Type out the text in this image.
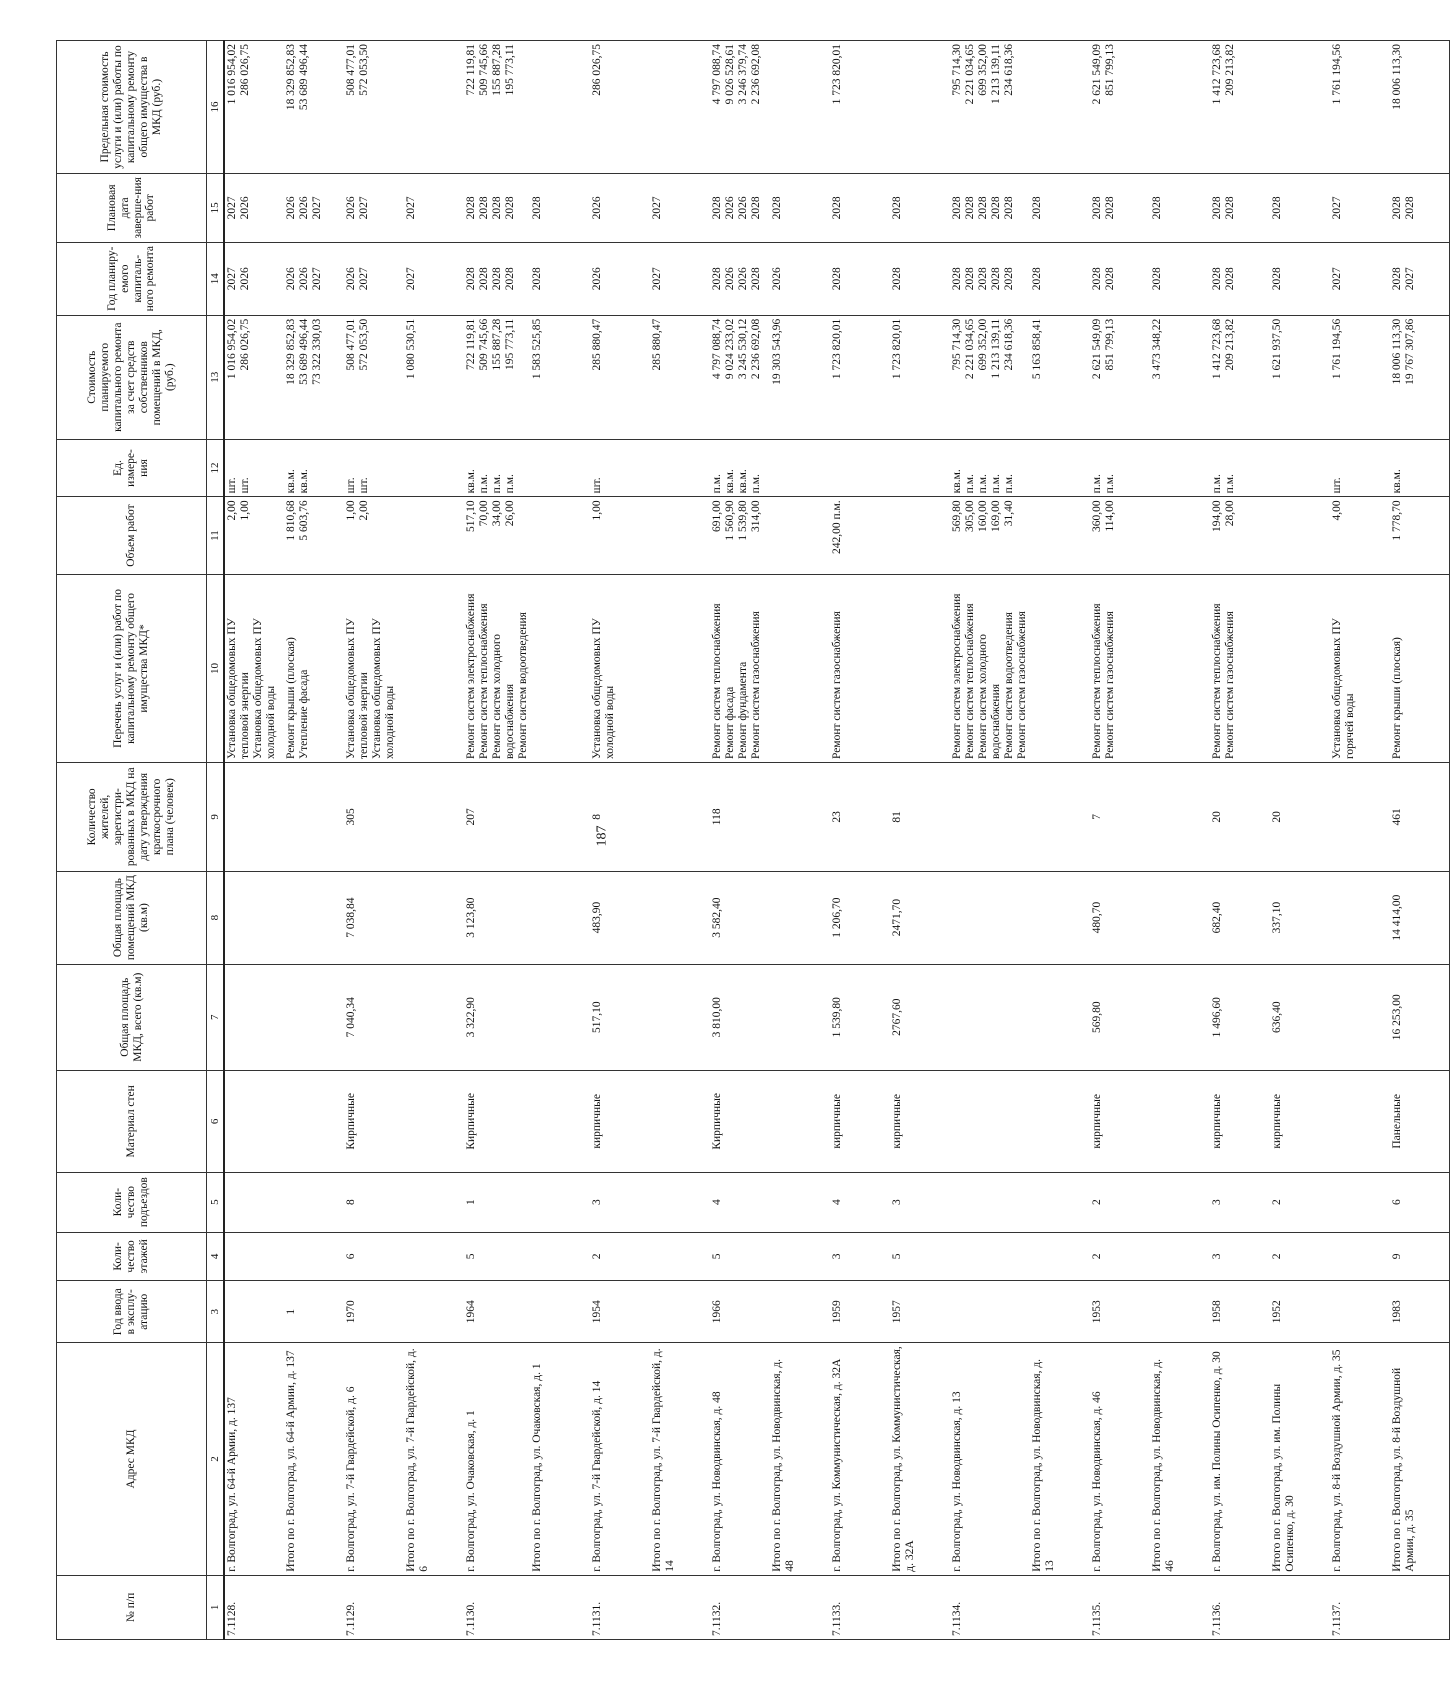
187
№ п/п	Адрес МКД	Год ввода в эксплу-атацию	Коли-чество этажей	Коли-чество подъездов	Материал стен	Общая площадь МКД, всего (кв.м)	Общая площадь помещений МКД (кв.м)	Количество жителей, зарегистри-рованных в МКД на дату утверждения краткосрочного плана (человек)	Перечень услуг и (или) работ по капитальному ремонту общего имущества МКД*	Объем работ	Ед. измере-ния	Стоимость планируемого капитального ремонта за счет средств собственников помещений в МКД, (руб.)	Год планиру-емого капиталь-ного ремонта	Плановая дата заверше-ния работ	Предельная стоимость услуги и (или) работы по капитальному ремонту общего имущества в МКД (руб.)
1	2	3	4	5	6	7	8	9	10	11	12	13	14	15	16
7.1128.	г. Волгоград, ул. 64-й Армии, д. 137								Установка общедомовых ПУ тепловой энергии Установка общедомовых ПУ холодной воды	2,00 1,00	шт. шт.	1 016 954,02 286 026,75	2027 2026	2027 2026	1 016 954,02 286 026,75

	Итого по г. Волгоград, ул. 64-й Армии, д. 137	1							Ремонт крыши (плоская) Утепление фасада	1 810,68 5 603,76	кв.м. кв.м.	18 329 852,83 53 689 496,44 73 322 330,03	2026 2026 2027	2026 2026 2027	18 329 852,83 53 689 496,44

7.1129.	г. Волгоград, ул. 7-й Гвардейской, д. 6	1970	6	8	Кирпичные	7 040,34	7 038,84	305	Установка общедомовых ПУ тепловой энергии Установка общедомовых ПУ холодной воды	1,00 2,00	шт. шт.	508 477,01 572 053,50	2026 2027	2026 2027	508 477,01 572 053,50

	Итого по г. Волгоград, ул. 7-й Гвардейской, д. 6											1 080 530,51	2027	2027	

7.1130.	г. Волгоград, ул. Очаковская, д. 1	1964	5	1	Кирпичные	3 322,90	3 123,80	207	Ремонт систем электроснабжения Ремонт систем теплоснабжения Ремонт систем холодного водоснабжения Ремонт систем водоотведения	517,10 70,00 34,00 26,00	кв.м. п.м. п.м. п.м.	722 119,81 509 745,66 155 887,28 195 773,11	2028 2028 2028 2028	2028 2028 2028 2028	722 119,81 509 745,66 155 887,28 195 773,11

	Итого по г. Волгоград, ул. Очаковская, д. 1											1 583 525,85	2028	2028	

7.1131.	г. Волгоград, ул. 7-й Гвардейской, д. 14	1954	2	3	кирпичные	517,10	483,90	8	Установка общедомовых ПУ холодной воды	1,00	шт.	285 880,47	2026	2026	286 026,75

	Итого по г. Волгоград, ул. 7-й Гвардейской, д. 14											285 880,47	2027	2027	

7.1132.	г. Волгоград, ул. Новодвинская, д. 48	1966	5	4	Кирпичные	3 810,00	3 582,40	118	Ремонт систем теплоснабжения Ремонт фасада Ремонт фундамента Ремонт систем газоснабжения	691,00 1 560,90 1 539,80 314,00	п.м. кв.м. кв.м. п.м.	4 797 088,74 9 024 233,02 3 245 530,12 2 236 692,08	2028 2026 2026 2028	2028 2026 2026 2028	4 797 088,74 9 026 528,61 3 246 379,74 2 236 692,08

	Итого по г. Волгоград, ул. Новодвинская, д. 48											19 303 543,96	2026	2028	

7.1133.	г. Волгоград, ул. Коммунистическая, д. 32А	1959	3	4	кирпичные	1 539,80	1 206,70	23	Ремонт систем газоснабжения	242,00 п.м.		1 723 820,01	2028	2028	1 723 820,01

	Итого по г. Волгоград, ул. Коммунистическая, д. 32А	1957	5	3	кирпичные	2767,60	2471,70	81				1 723 820,01	2028	2028	

7.1134.	г. Волгоград, ул. Новодвинская, д. 13								Ремонт систем электроснабжения Ремонт систем теплоснабжения Ремонт систем холодного водоснабжения Ремонт систем водоотведения Ремонт систем газоснабжения	569,80 305,00 160,00 169,00 31,40	кв.м. п.м. п.м. п.м. п.м.	795 714,30 2 221 034,65 699 352,00 1 213 139,11 234 618,36	2028 2028 2028 2028 2028	2028 2028 2028 2028 2028	795 714,30 2 221 034,65 699 352,00 1 213 139,11 234 618,36

	Итого по г. Волгоград, ул. Новодвинская, д. 13											5 163 858,41	2028	2028	

7.1135.	г. Волгоград, ул. Новодвинская, д. 46	1953	2	2	кирпичные	569,80	480,70	7	Ремонт систем теплоснабжения Ремонт систем газоснабжения	360,00 114,00	п.м. п.м.	2 621 549,09 851 799,13	2028 2028	2028 2028	2 621 549,09 851 799,13

	Итого по г. Волгоград, ул. Новодвинская, д. 46											3 473 348,22	2028	2028	

7.1136.	г. Волгоград, ул. им. Полины Осипенко, д. 30	1958	3	3	кирпичные	1 496,60	682,40	20	Ремонт систем теплоснабжения Ремонт систем газоснабжения	194,00 28,00	п.м. п.м.	1 412 723,68 209 213,82	2028 2028	2028 2028	1 412 723,68 209 213,82

	Итого по г. Волгоград, ул. им. Полины Осипенко, д. 30	1952	2	2	кирпичные	636,40	337,10	20				1 621 937,50	2028	2028	

7.1137.	г. Волгоград, ул. 8-й Воздушной Армии, д. 35								Установка общедомовых ПУ горячей воды	4,00	шт.	1 761 194,56	2027	2027	1 761 194,56

	Итого по г. Волгоград, ул. 8-й Воздушной Армии, д. 35	1983	9	6	Панельные	16 253,00	14 414,00	461	Ремонт крыши (плоская)	1 778,70	кв.м.	18 006 113,30 19 767 307,86	2028 2027	2028 2028	18 006 113,30
